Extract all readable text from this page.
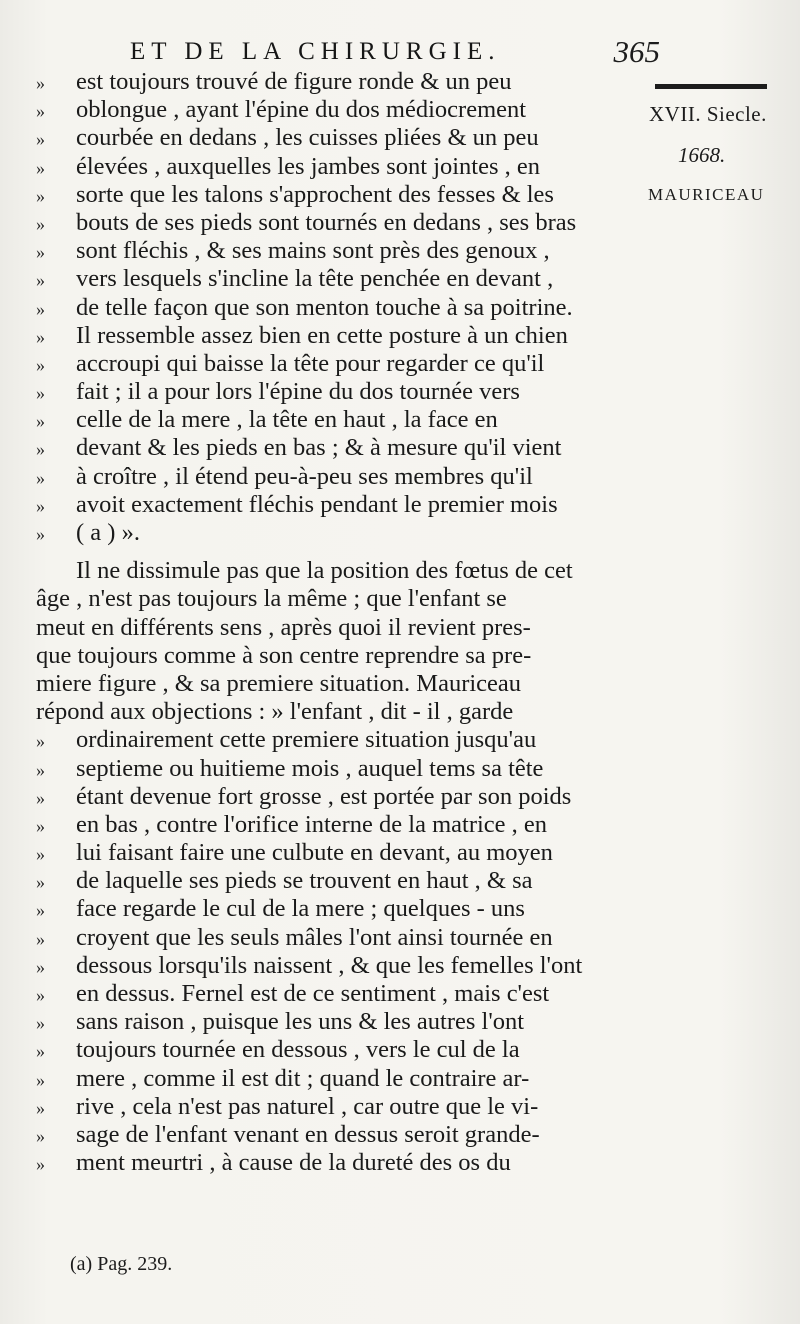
ET DE LA CHIRURGIE.	365
XVII. Siecle.
1668.
MAURICEAU
» est toujours trouvé de figure ronde & un peu
» oblongue , ayant l'épine du dos médiocrement
» courbée en dedans , les cuisses pliées & un peu
» élevées , auxquelles les jambes sont jointes , en
» sorte que les talons s'approchent des fesses & les
» bouts de ses pieds sont tournés en dedans , ses bras
» sont fléchis , & ses mains sont près des genoux ,
» vers lesquels s'incline la tête penchée en devant ,
» de telle façon que son menton touche à sa poitrine.
» Il ressemble assez bien en cette posture à un chien
» accroupi qui baisse la tête pour regarder ce qu'il
» fait ; il a pour lors l'épine du dos tournée vers
» celle de la mere , la tête en haut , la face en
» devant & les pieds en bas ; & à mesure qu'il vient
» à croître , il étend peu-à-peu ses membres qu'il
» avoit exactement fléchis pendant le premier mois
» ( a ) ».
Il ne dissimule pas que la position des fœtus de cet
âge , n'est pas toujours la même ; que l'enfant se
meut en différents sens , après quoi il revient pres-
que toujours comme à son centre reprendre sa pre-
miere figure , & sa premiere situation. Mauriceau
répond aux objections : » l'enfant , dit - il , garde
» ordinairement cette premiere situation jusqu'au
» septieme ou huitieme mois , auquel tems sa tête
» étant devenue fort grosse , est portée par son poids
» en bas , contre l'orifice interne de la matrice , en
» lui faisant faire une culbute en devant, au moyen
» de laquelle ses pieds se trouvent en haut , & sa
» face regarde le cul de la mere ; quelques - uns
» croyent que les seuls mâles l'ont ainsi tournée en
» dessous lorsqu'ils naissent , & que les femelles l'ont
» en dessus. Fernel est de ce sentiment , mais c'est
» sans raison , puisque les uns & les autres l'ont
» toujours tournée en dessous , vers le cul de la
» mere , comme il est dit ; quand le contraire ar-
» rive , cela n'est pas naturel , car outre que le vi-
» sage de l'enfant venant en dessus seroit grande-
» ment meurtri , à cause de la dureté des os du
(a) Pag. 239.
